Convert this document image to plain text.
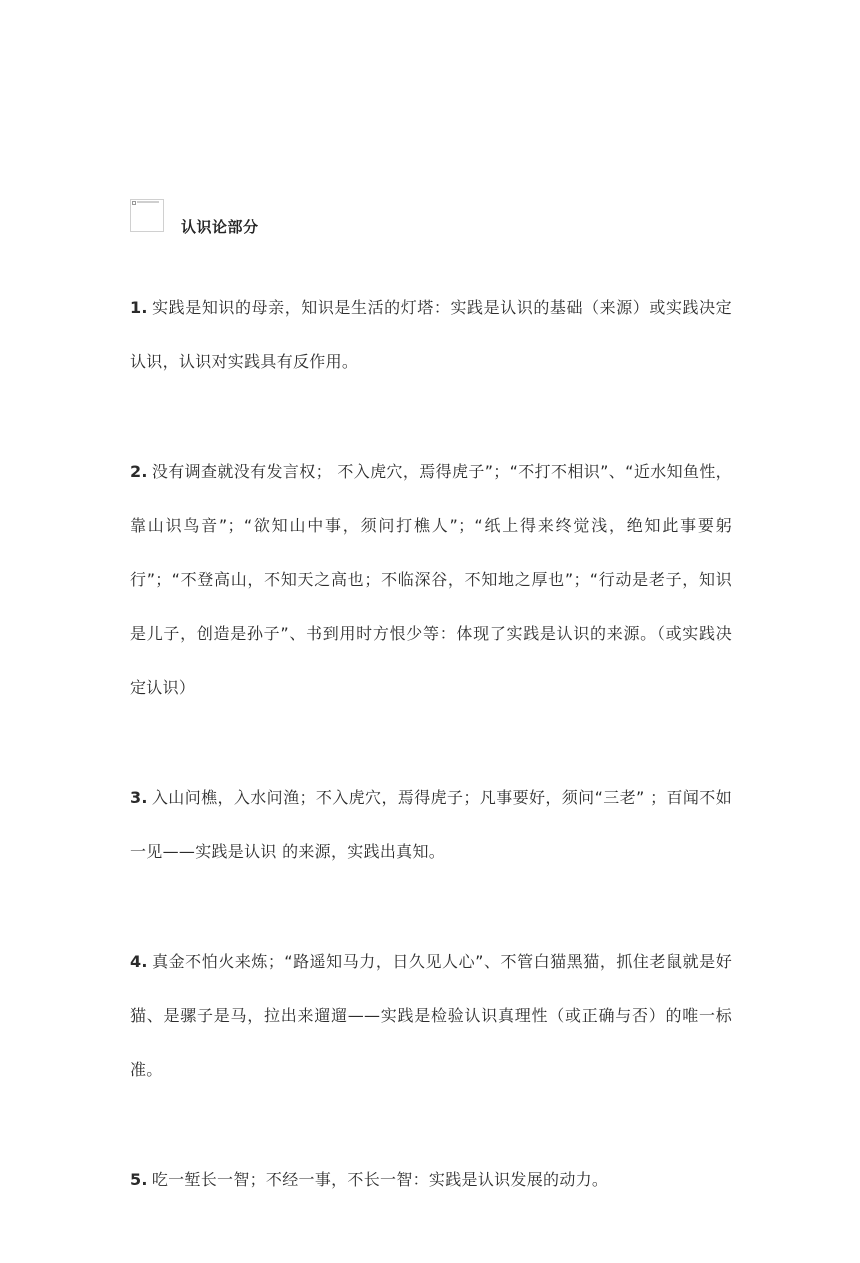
认识论部分

1. 实践是知识的母亲，知识是生活的灯塔：实践是认识的基础（来源）或实践决定认识，认识对实践具有反作用。

2. 没有调查就没有发言权； 不入虎穴，焉得虎子”；“不打不相识”、“近水知鱼性，靠山识鸟音”；“欲知山中事，须问打樵人”；“纸上得来终觉浅，绝知此事要躬行”；“不登高山，不知天之高也；不临深谷，不知地之厚也”；“行动是老子，知识是儿子，创造是孙子”、书到用时方恨少等：体现了实践是认识的来源。（或实践决定认识）

3. 入山问樵，入水问渔；不入虎穴，焉得虎子；凡事要好，须问“三老” ；百闻不如一见——实践是认识 的来源，实践出真知。

4. 真金不怕火来炼；“路遥知马力，日久见人心”、不管白猫黑猫，抓住老鼠就是好猫、是骡子是马，拉出来遛遛——实践是检验认识真理性（或正确与否）的唯一标准。

5. 吃一堑长一智；不经一事，不长一智：实践是认识发展的动力。
